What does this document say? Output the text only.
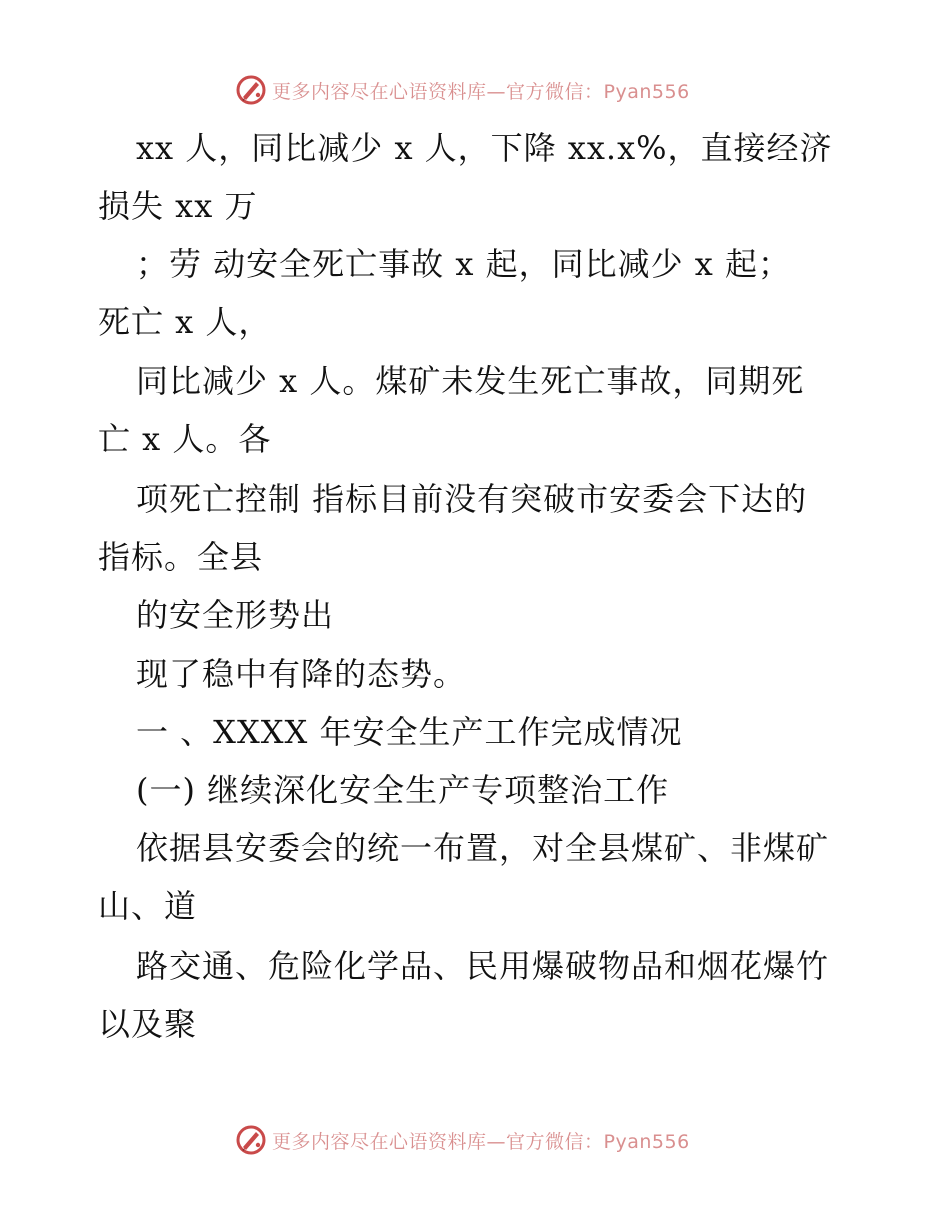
更多内容尽在心语资料库—官方微信：Pyan556
xx 人，同比减少 x 人，下降 xx.x%，直接经济
损失 xx 万
；劳 动安全死亡事故 x 起，同比减少 x 起；
死亡 x 人，
同比减少 x 人。煤矿未发生死亡事故，同期死
亡 x 人。各
项死亡控制 指标目前没有突破市安委会下达的
指标。全县
的安全形势出
现了稳中有降的态势。
一 、XXXX 年安全生产工作完成情况
(一) 继续深化安全生产专项整治工作
依据县安委会的统一布置，对全县煤矿、非煤矿
山、道
路交通、危险化学品、民用爆破物品和烟花爆竹
以及聚
更多内容尽在心语资料库—官方微信：Pyan556
